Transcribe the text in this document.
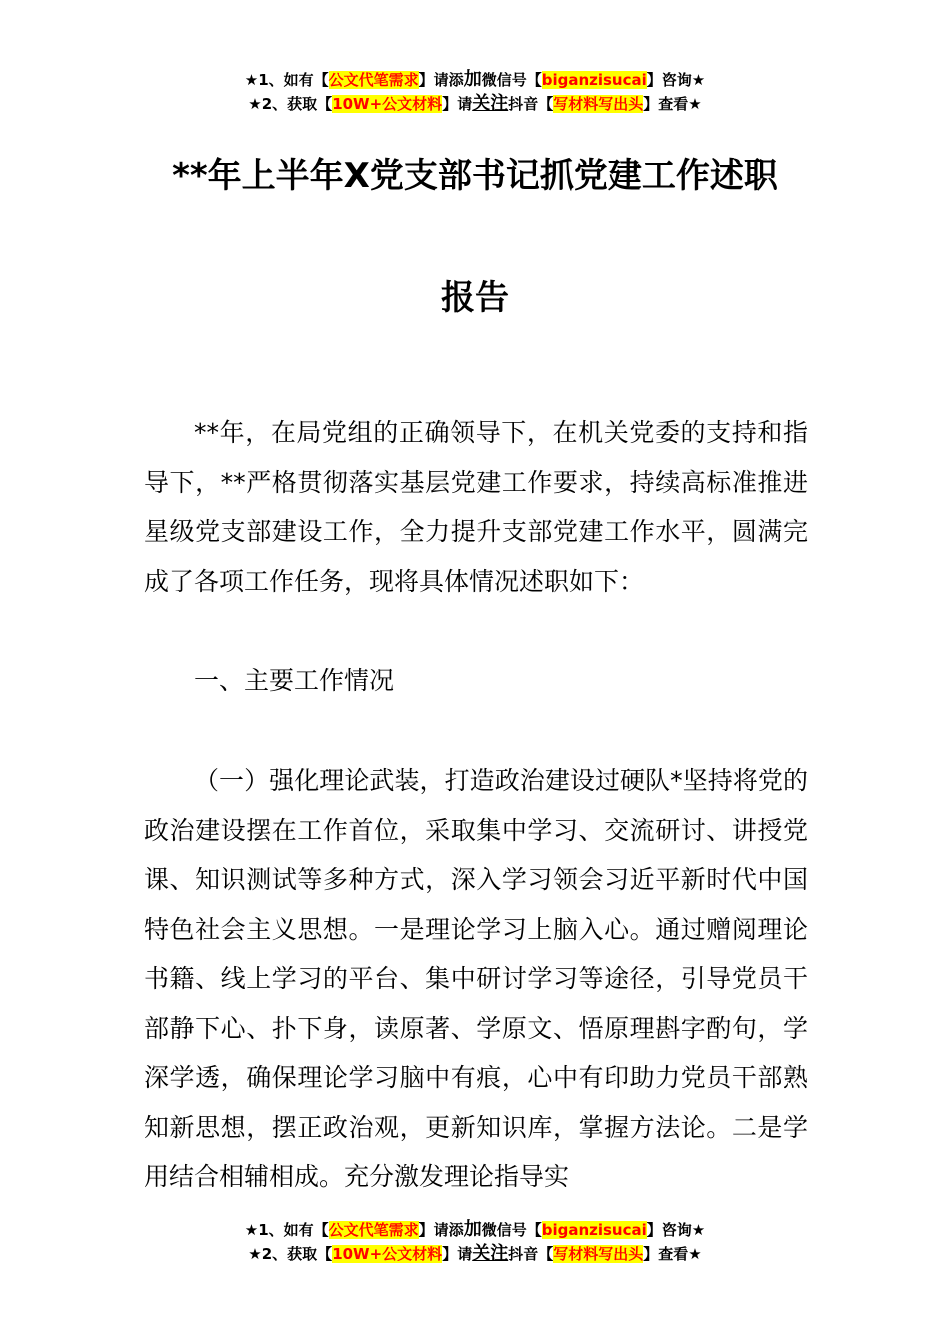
★1、如有【公文代笔需求】请添加微信号【biganzisucai】咨询★
★2、获取【10W+公文材料】请关注抖音【写材料写出头】查看★
**年上半年X党支部书记抓党建工作述职
报告

**年，在局党组的正确领导下，在机关党委的支持和指导下，**严格贯彻落实基层党建工作要求，持续高标准推进星级党支部建设工作，全力提升支部党建工作水平，圆满完成了各项工作任务，现将具体情况述职如下：

一、主要工作情况

（一）强化理论武装，打造政治建设过硬队*坚持将党的政治建设摆在工作首位，采取集中学习、交流研讨、讲授党课、知识测试等多种方式，深入学习领会习近平新时代中国特色社会主义思想。一是理论学习上脑入心。通过赠阅理论书籍、线上学习的平台、集中研讨学习等途径，引导党员干部静下心、扑下身，读原著、学原文、悟原理斟字酌句，学深学透，确保理论学习脑中有痕，心中有印助力党员干部熟知新思想，摆正政治观，更新知识库，掌握方法论。二是学用结合相辅相成。充分激发理论指导实

★1、如有【公文代笔需求】请添加微信号【biganzisucai】咨询★
★2、获取【10W+公文材料】请关注抖音【写材料写出头】查看★
